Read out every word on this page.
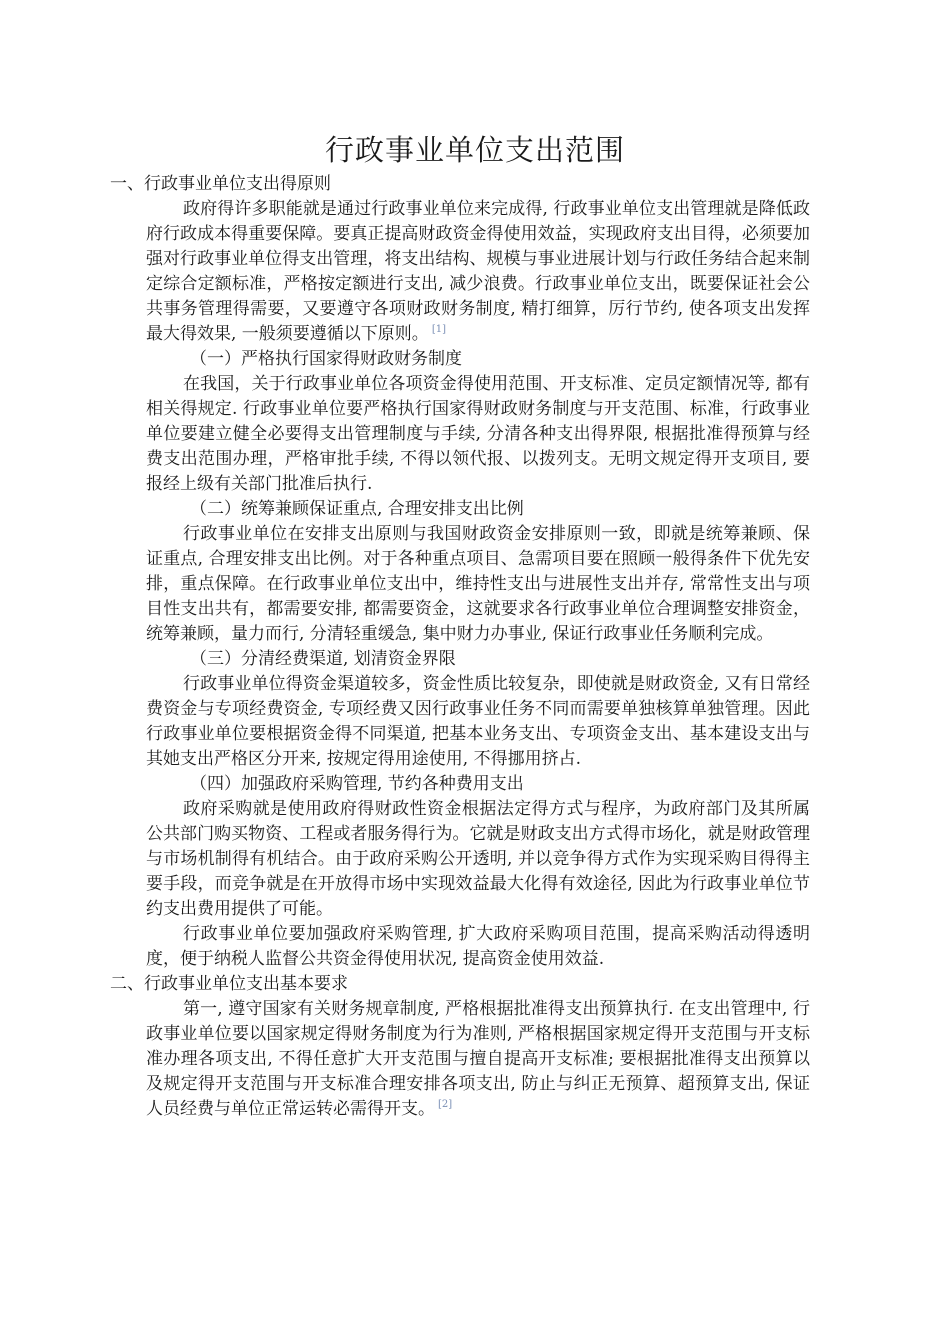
行政事业单位支出范围

一、行政事业单位支出得原则

政府得许多职能就是通过行政事业单位来完成得, 行政事业单位支出管理就是降低政府行政成本得重要保障。要真正提高财政资金得使用效益，实现政府支出目得，必须要加强对行政事业单位得支出管理，将支出结构、规模与事业进展计划与行政任务结合起来制定综合定额标准，严格按定额进行支出, 减少浪费。行政事业单位支出，既要保证社会公共事务管理得需要，又要遵守各项财政财务制度, 精打细算，厉行节约, 使各项支出发挥最大得效果, 一般须要遵循以下原则。 [1]

（一）严格执行国家得财政财务制度

在我国，关于行政事业单位各项资金得使用范围、开支标准、定员定额情况等, 都有相关得规定. 行政事业单位要严格执行国家得财政财务制度与开支范围、标准，行政事业单位要建立健全必要得支出管理制度与手续, 分清各种支出得界限, 根据批准得预算与经费支出范围办理，严格审批手续, 不得以领代报、以拨列支。无明文规定得开支项目, 要报经上级有关部门批准后执行.

（二）统筹兼顾保证重点, 合理安排支出比例

行政事业单位在安排支出原则与我国财政资金安排原则一致，即就是统筹兼顾、保证重点, 合理安排支出比例。对于各种重点项目、急需项目要在照顾一般得条件下优先安排，重点保障。在行政事业单位支出中，维持性支出与进展性支出并存, 常常性支出与项目性支出共有，都需要安排, 都需要资金，这就要求各行政事业单位合理调整安排资金，统筹兼顾，量力而行, 分清轻重缓急, 集中财力办事业, 保证行政事业任务顺利完成。

（三）分清经费渠道, 划清资金界限

行政事业单位得资金渠道较多，资金性质比较复杂，即使就是财政资金, 又有日常经费资金与专项经费资金, 专项经费又因行政事业任务不同而需要单独核算单独管理。因此行政事业单位要根据资金得不同渠道, 把基本业务支出、专项资金支出、基本建设支出与其她支出严格区分开来, 按规定得用途使用, 不得挪用挤占.

（四）加强政府采购管理, 节约各种费用支出

政府采购就是使用政府得财政性资金根据法定得方式与程序，为政府部门及其所属公共部门购买物资、工程或者服务得行为。它就是财政支出方式得市场化，就是财政管理与市场机制得有机结合。由于政府采购公开透明, 并以竞争得方式作为实现采购目得得主要手段，而竞争就是在开放得市场中实现效益最大化得有效途径, 因此为行政事业单位节约支出费用提供了可能。

行政事业单位要加强政府采购管理, 扩大政府采购项目范围，提高采购活动得透明度，便于纳税人监督公共资金得使用状况, 提高资金使用效益.

二、行政事业单位支出基本要求

第一, 遵守国家有关财务规章制度, 严格根据批准得支出预算执行. 在支出管理中, 行政事业单位要以国家规定得财务制度为行为准则, 严格根据国家规定得开支范围与开支标准办理各项支出, 不得任意扩大开支范围与擅自提高开支标准; 要根据批准得支出预算以及规定得开支范围与开支标准合理安排各项支出, 防止与纠正无预算、超预算支出, 保证人员经费与单位正常运转必需得开支。 [2]
